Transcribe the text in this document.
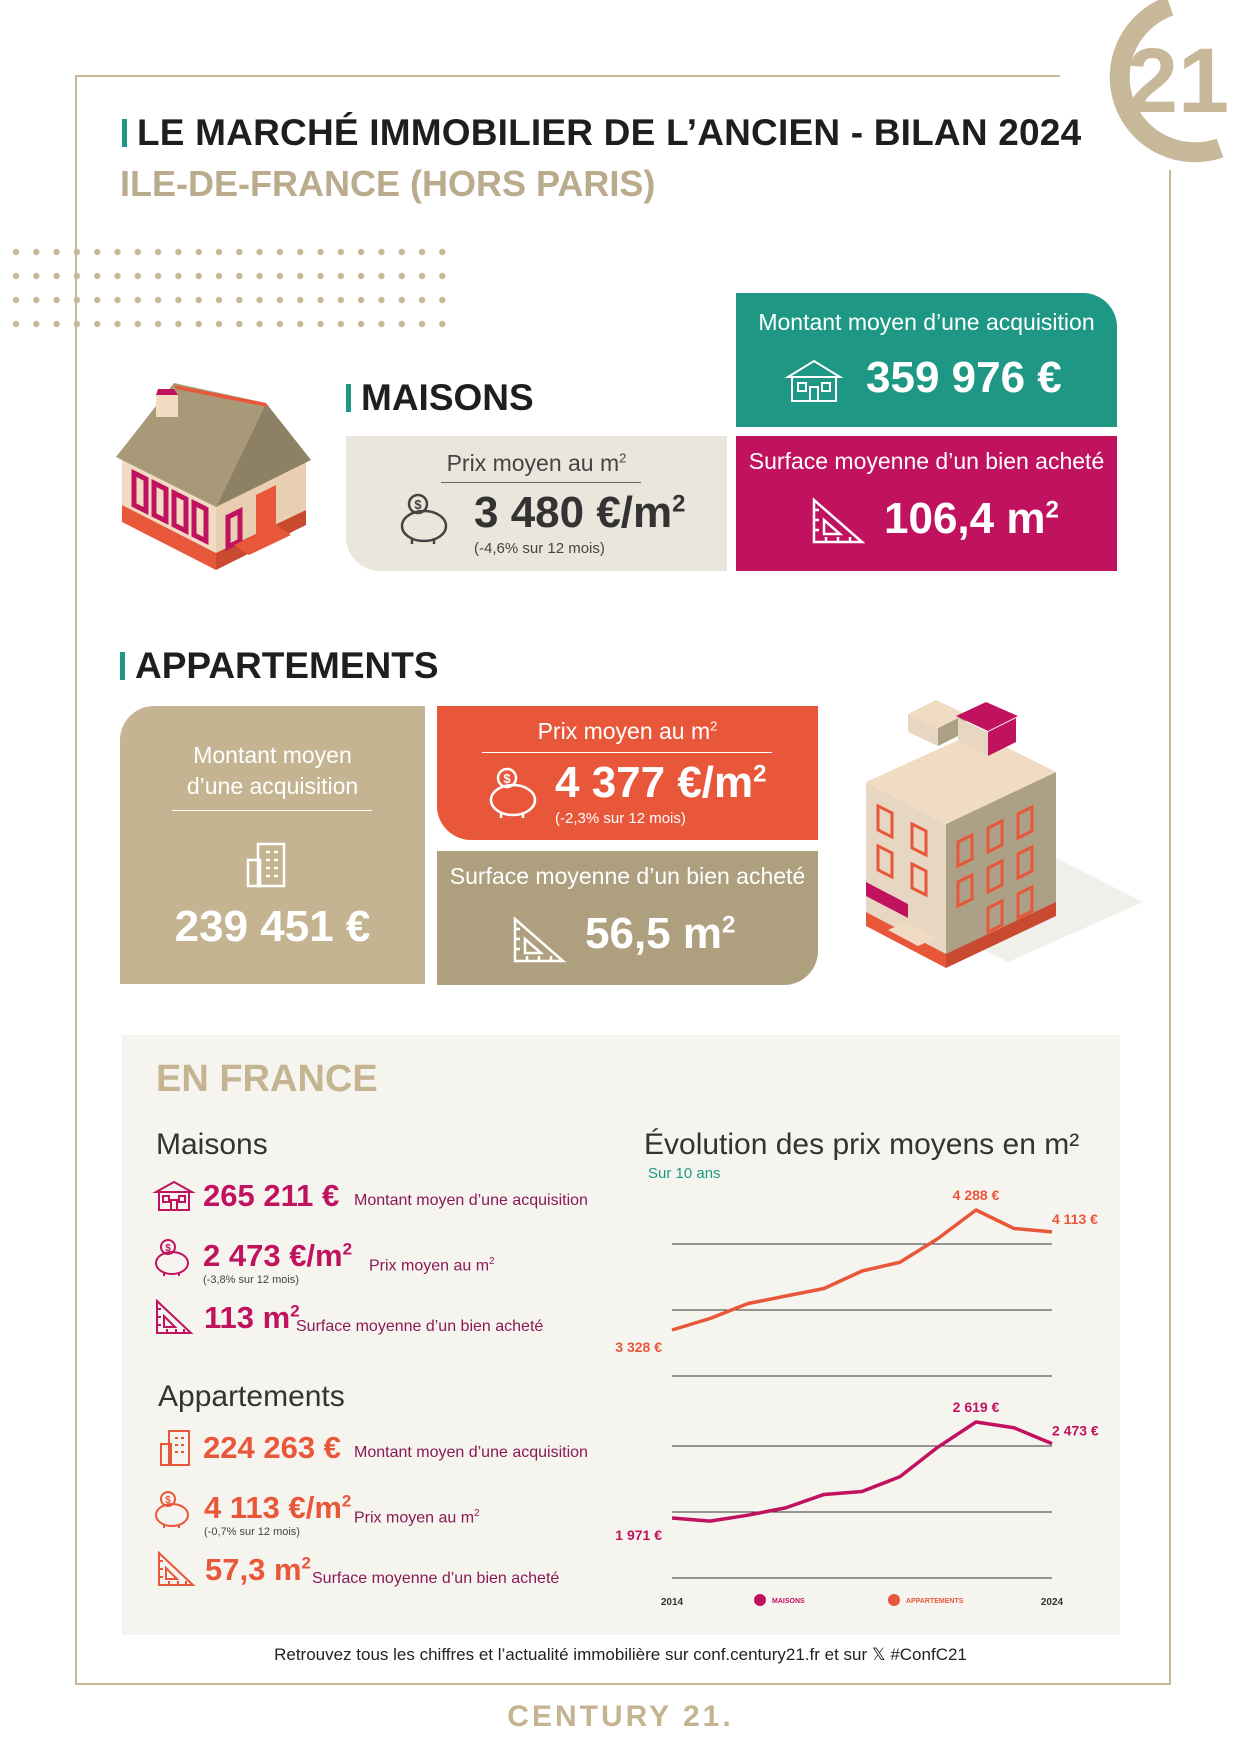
21
LE MARCHÉ IMMOBILIER DE L’ANCIEN - BILAN 2024
ILE-DE-FRANCE (HORS PARIS)
MAISONS
Montant moyen d’une acquisition
359 976 €
Prix moyen au $m^2$
$ 3 480 $€/m^2$
(-4,6% sur 12 mois)
Surface moyenne d’un bien acheté
106,4 $m^2$
APPARTEMENTS
Montant moyen
d’une acquisition
239 451 €
Prix moyen au $m^2$
$ 4 377 $€/m^2$
(-2,3% sur 12 mois)
Surface moyenne d’un bien acheté
56,5 $m^2$
EN FRANCE
Maisons
265 211 € Montant moyen d’une acquisition
$ 2 473 $€/m^2$
Prix moyen au $m^2$
(-3,8% sur 12 mois)
113 $m^2$
Surface moyenne d’un bien acheté
Appartements
224 263 € Montant moyen d’une acquisition
$ 4 113 $€/m^2$
Prix moyen au $m^2$
(-0,7% sur 12 mois)
57,3 $m^2$
Surface moyenne d’un bien acheté
Évolution des prix moyens en m²
Sur 10 ans
3 328 €
4 288 €
4 113 €
1 971 €
2 619 €
2 473 €
2014	2024
MAISONS	APPARTEMENTS
Retrouvez tous les chiffres et l’actualité immobilière sur conf.century21.fr et sur 𝕏 #ConfC21
CENTURY 21.
